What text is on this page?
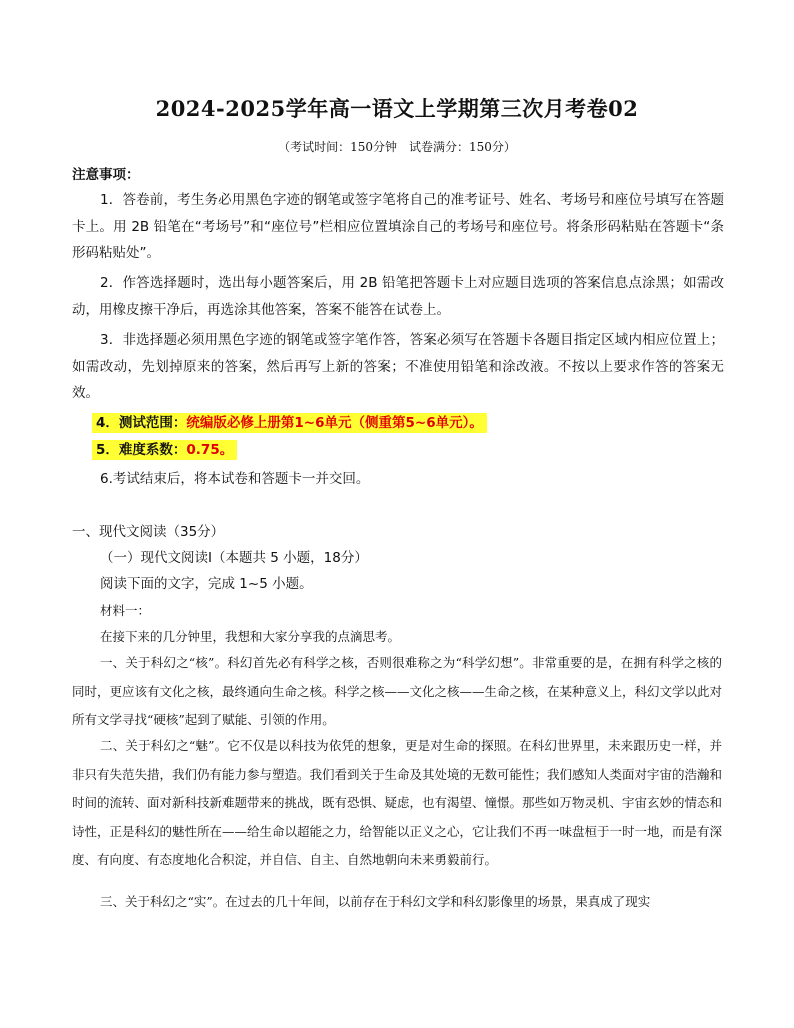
2024-2025学年高一语文上学期第三次月考卷02
（考试时间：150分钟　试卷满分：150分）
注意事项：
1．答卷前，考生务必用黑色字迹的钢笔或签字笔将自己的准考证号、姓名、考场号和座位号填写在答题卡上。用 2B 铅笔在“考场号”和“座位号”栏相应位置填涂自己的考场号和座位号。将条形码粘贴在答题卡“条形码粘贴处”。
2．作答选择题时，选出每小题答案后，用 2B 铅笔把答题卡上对应题目选项的答案信息点涂黑；如需改动，用橡皮擦干净后，再选涂其他答案，答案不能答在试卷上。
3．非选择题必须用黑色字迹的钢笔或签字笔作答，答案必须写在答题卡各题目指定区域内相应位置上；如需改动，先划掉原来的答案，然后再写上新的答案；不准使用铅笔和涂改液。不按以上要求作答的答案无效。
4．测试范围：统编版必修上册第1~6单元（侧重第5~6单元）。
5．难度系数：0.75。
6.考试结束后，将本试卷和答题卡一并交回。
一、现代文阅读（35分）
（一）现代文阅读Ⅰ（本题共 5 小题，18分）
阅读下面的文字，完成 1~5 小题。
材料一：
在接下来的几分钟里，我想和大家分享我的点滴思考。
一、关于科幻之“核”。科幻首先必有科学之核，否则很难称之为“科学幻想”。非常重要的是，在拥有科学之核的同时，更应该有文化之核，最终通向生命之核。科学之核——文化之核——生命之核，在某种意义上，科幻文学以此对所有文学寻找“硬核”起到了赋能、引领的作用。
二、关于科幻之“魅”。它不仅是以科技为依凭的想象，更是对生命的探照。在科幻世界里，未来跟历史一样，并非只有失范失措，我们仍有能力参与塑造。我们看到关于生命及其处境的无数可能性；我们感知人类面对宇宙的浩瀚和时间的流转、面对新科技新难题带来的挑战，既有恐惧、疑虑，也有渴望、憧憬。那些如万物灵机、宇宙玄妙的情态和诗性，正是科幻的魅性所在——给生命以超能之力，给智能以正义之心，它让我们不再一味盘桓于一时一地，而是有深度、有向度、有态度地化合积淀，并自信、自主、自然地朝向未来勇毅前行。
三、关于科幻之“实”。在过去的几十年间，以前存在于科幻文学和科幻影像里的场景，果真成了现实
